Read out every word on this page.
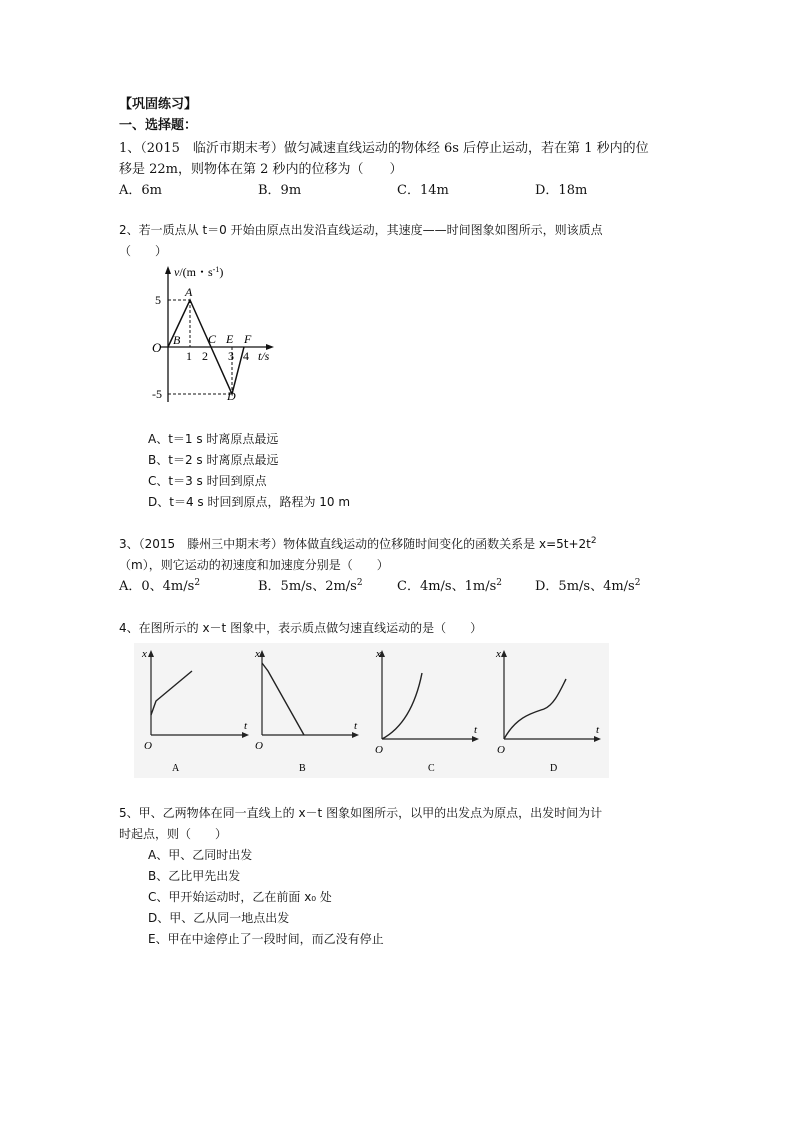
【巩固练习】
一、选择题：
1、（2015　临沂市期末考）做匀减速直线运动的物体经 6s 后停止运动，若在第 1 秒内的位
移是 22m，则物体在第 2 秒内的位移为（　　）
A．6m	B．9m	C．14m	D．18m
2、若一质点从 t＝0 开始由原点出发沿直线运动，其速度——时间图象如图所示，则该质点
（　　）
v/(m・$s^{-1}$)
5
-5
O
A
B C E F
D
1 2 3 4 t/s
A、t＝1 s 时离原点最远
B、t＝2 s 时离原点最远
C、t＝3 s 时回到原点
D、t＝4 s 时回到原点，路程为 10 m
3、（2015　滕州三中期末考）物体做直线运动的位移随时间变化的函数关系是 $x=5t+2t^2$
（m），则它运动的初速度和加速度分别是（　　）
A．0、$4m/s^2$	B．5m/s、$2m/s^2$	C．4m/s、$1m/s^2$	D．5m/s、$4m/s^2$
4、在图所示的 x－t 图象中，表示质点做匀速直线运动的是（　　）
x
t
O
A
x
t
O
B
x
t
O
C
x
t
O
D
5、甲、乙两物体在同一直线上的 x－t 图象如图所示，以甲的出发点为原点，出发时间为计
时起点，则（　　）
A、甲、乙同时出发
B、乙比甲先出发
C、甲开始运动时，乙在前面 x₀ 处
D、甲、乙从同一地点出发
E、甲在中途停止了一段时间，而乙没有停止
